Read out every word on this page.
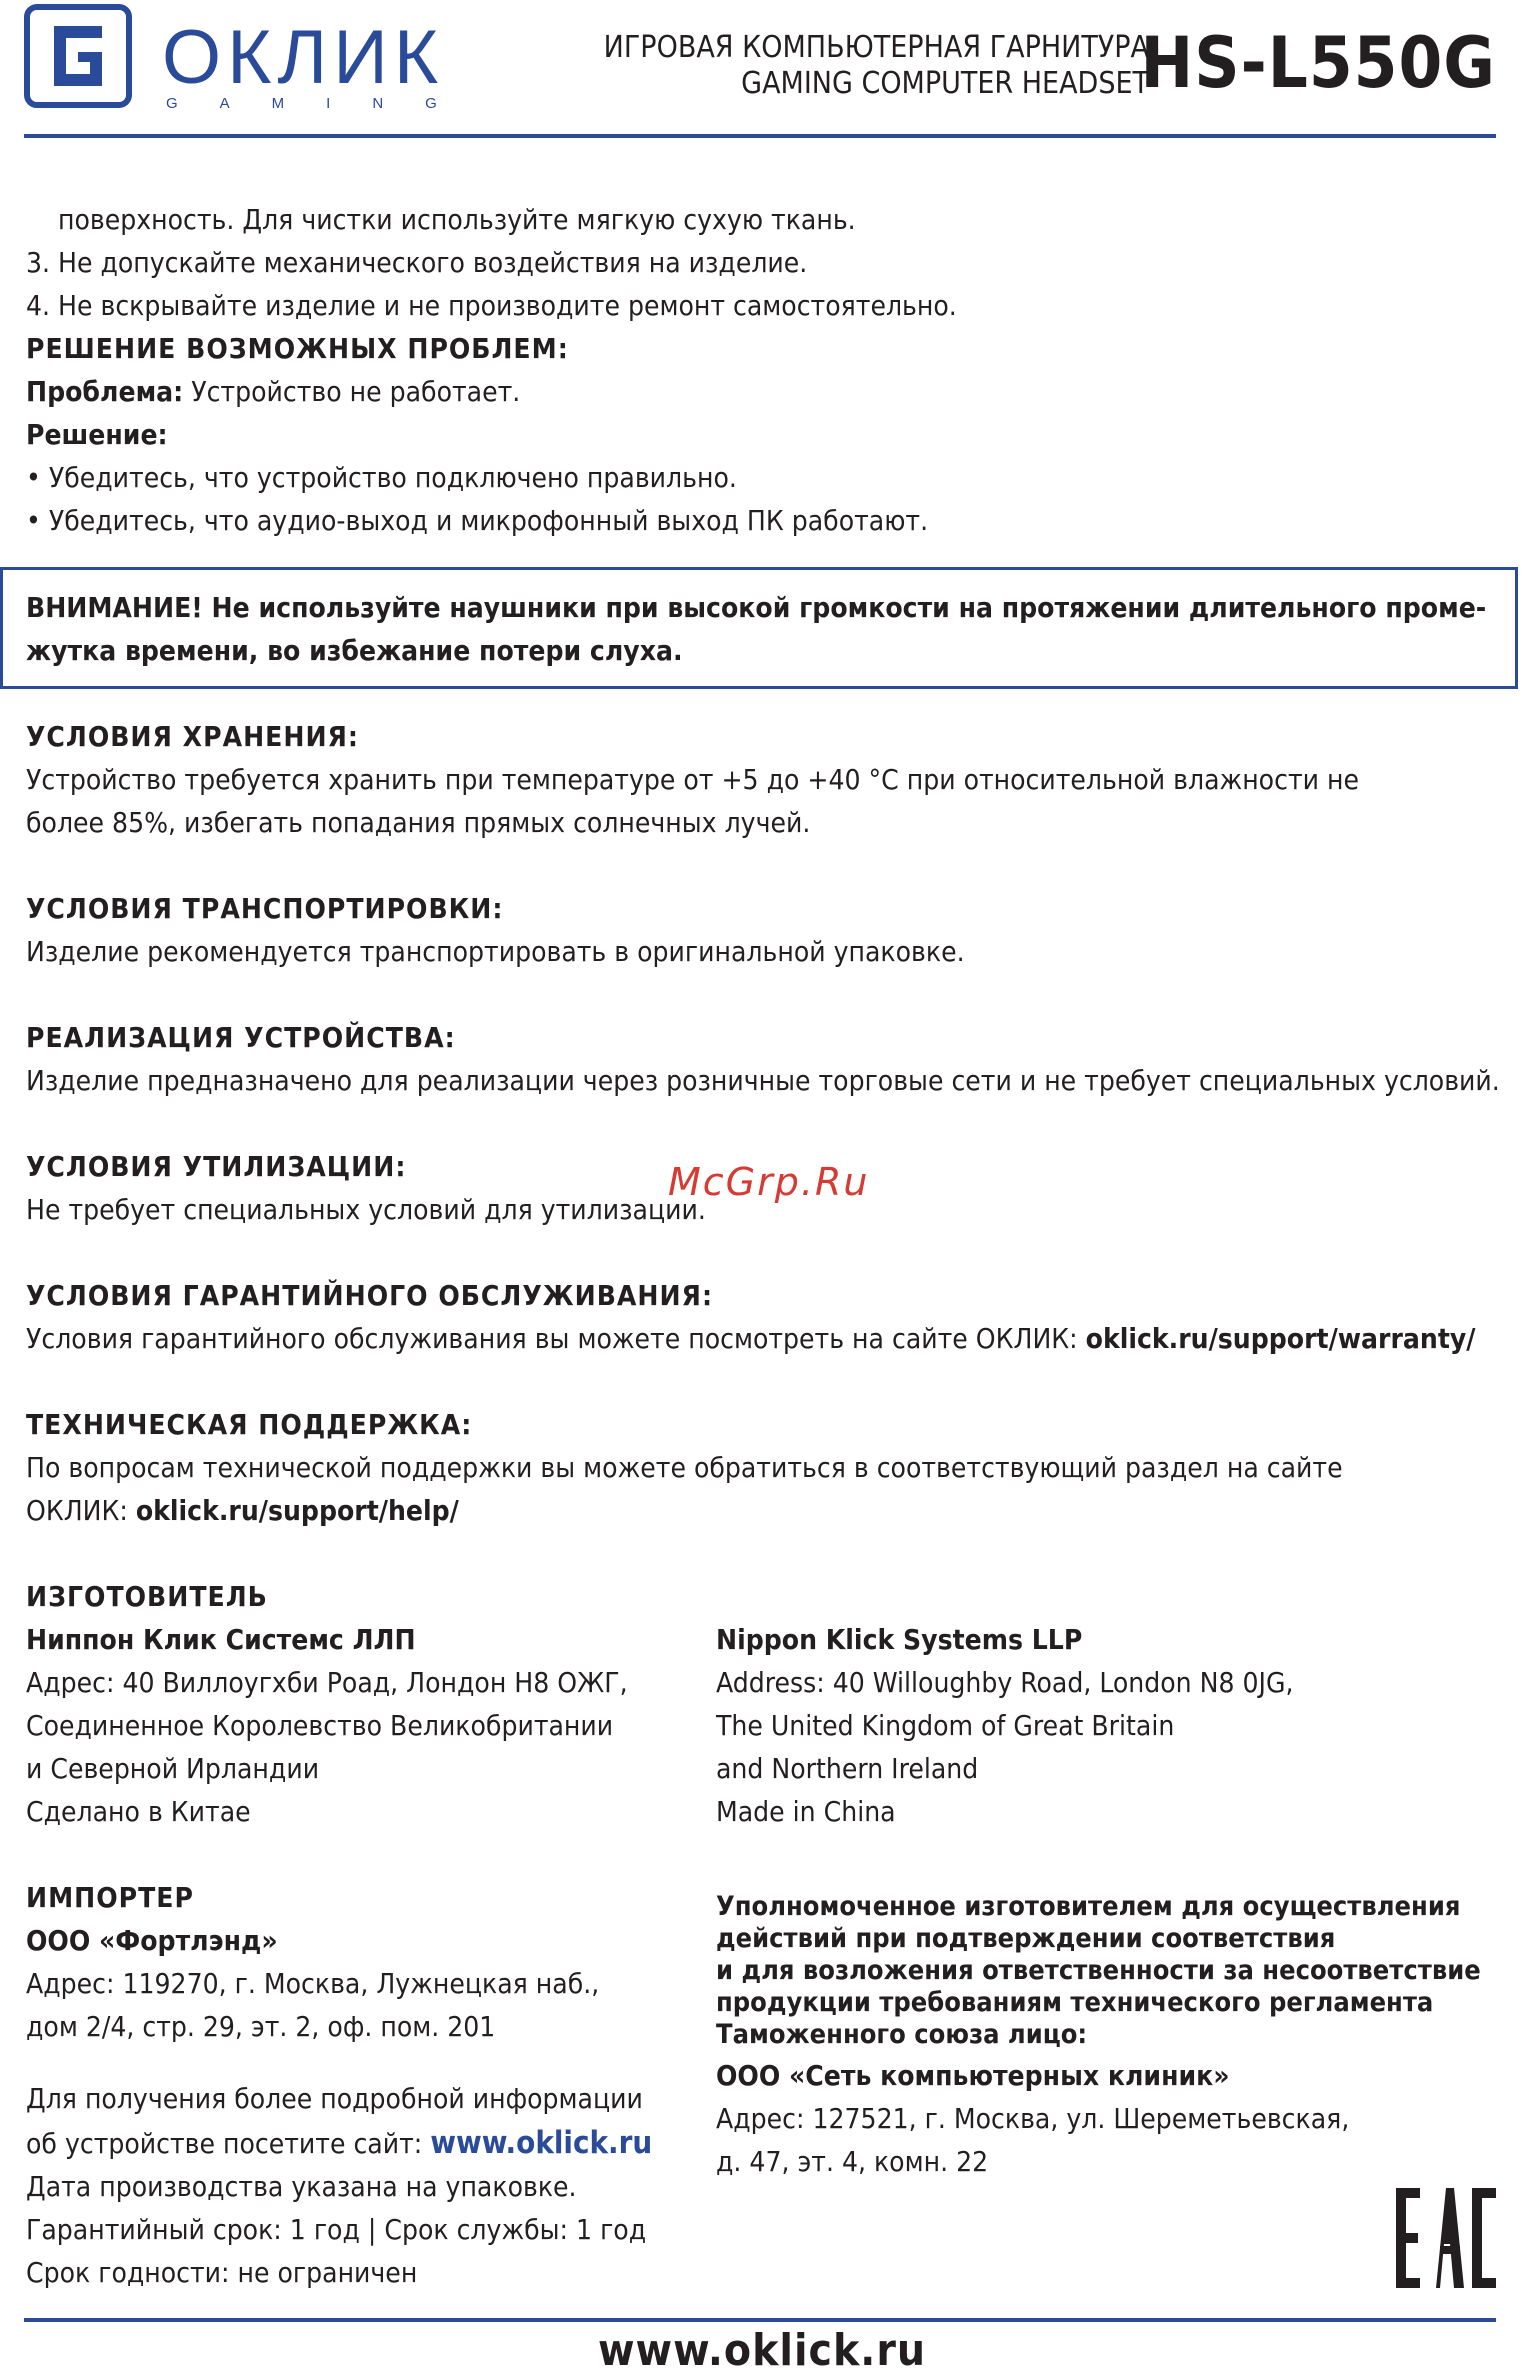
ОКЛИК
GAMING
ИГРОВАЯ КОМПЬЮТЕРНАЯ ГАРНИТУРА
GAMING COMPUTER HEADSET
HS-L550G
поверхность. Для чистки используйте мягкую сухую ткань.
3. Не допускайте механического воздействия на изделие.
4. Не вскрывайте изделие и не производите ремонт самостоятельно.
РЕШЕНИЕ ВОЗМОЖНЫХ ПРОБЛЕМ:
Проблема: Устройство не работает.
Решение:
• Убедитесь, что устройство подключено правильно.
• Убедитесь, что аудио-выход и микрофонный выход ПК работают.
ВНИМАНИЕ! Не используйте наушники при высокой громкости на протяжении длительного проме-
жутка времени, во избежание потери слуха.
УСЛОВИЯ ХРАНЕНИЯ:
Устройство требуется хранить при температуре от +5 до +40 °С при относительной влажности не
более 85%, избегать попадания прямых солнечных лучей.
УСЛОВИЯ ТРАНСПОРТИРОВКИ:
Изделие рекомендуется транспортировать в оригинальной упаковке.
РЕАЛИЗАЦИЯ УСТРОЙСТВА:
Изделие предназначено для реализации через розничные торговые сети и не требует специальных условий.
УСЛОВИЯ УТИЛИЗАЦИИ:
Не требует специальных условий для утилизации.
McGrp.Ru
УСЛОВИЯ ГАРАНТИЙНОГО ОБСЛУЖИВАНИЯ:
Условия гарантийного обслуживания вы можете посмотреть на сайте ОКЛИК: oklick.ru/support/warranty/
ТЕХНИЧЕСКАЯ ПОДДЕРЖКА:
По вопросам технической поддержки вы можете обратиться в соответствующий раздел на сайте
ОКЛИК: oklick.ru/support/help/
ИЗГОТОВИТЕЛЬ
Ниппон Клик Системс ЛЛП
Адрес: 40 Виллоугхби Роад, Лондон Н8 ОЖГ,
Соединенное Королевство Великобритании
и Северной Ирландии
Сделано в Китае
Nippon Klick Systems LLP
Address: 40 Willoughby Road, London N8 0JG,
The United Kingdom of Great Britain
and Northern Ireland
Made in China
ИМПОРТЕР
ООО «Фортлэнд»
Адрес: 119270, г. Москва, Лужнецкая наб.,
дом 2/4, стр. 29, эт. 2, оф. пом. 201
Для получения более подробной информации
об устройстве посетите сайт: www.oklick.ru
Дата производства указана на упаковке.
Гарантийный срок: 1 год | Срок службы: 1 год
Срок годности: не ограничен
Уполномоченное изготовителем для осуществления
действий при подтверждении соответствия
и для возложения ответственности за несоответствие
продукции требованиям технического регламента
Таможенного союза лицо:
ООО «Сеть компьютерных клиник»
Адрес: 127521, г. Москва, ул. Шереметьевская,
д. 47, эт. 4, комн. 22
www.oklick.ru
